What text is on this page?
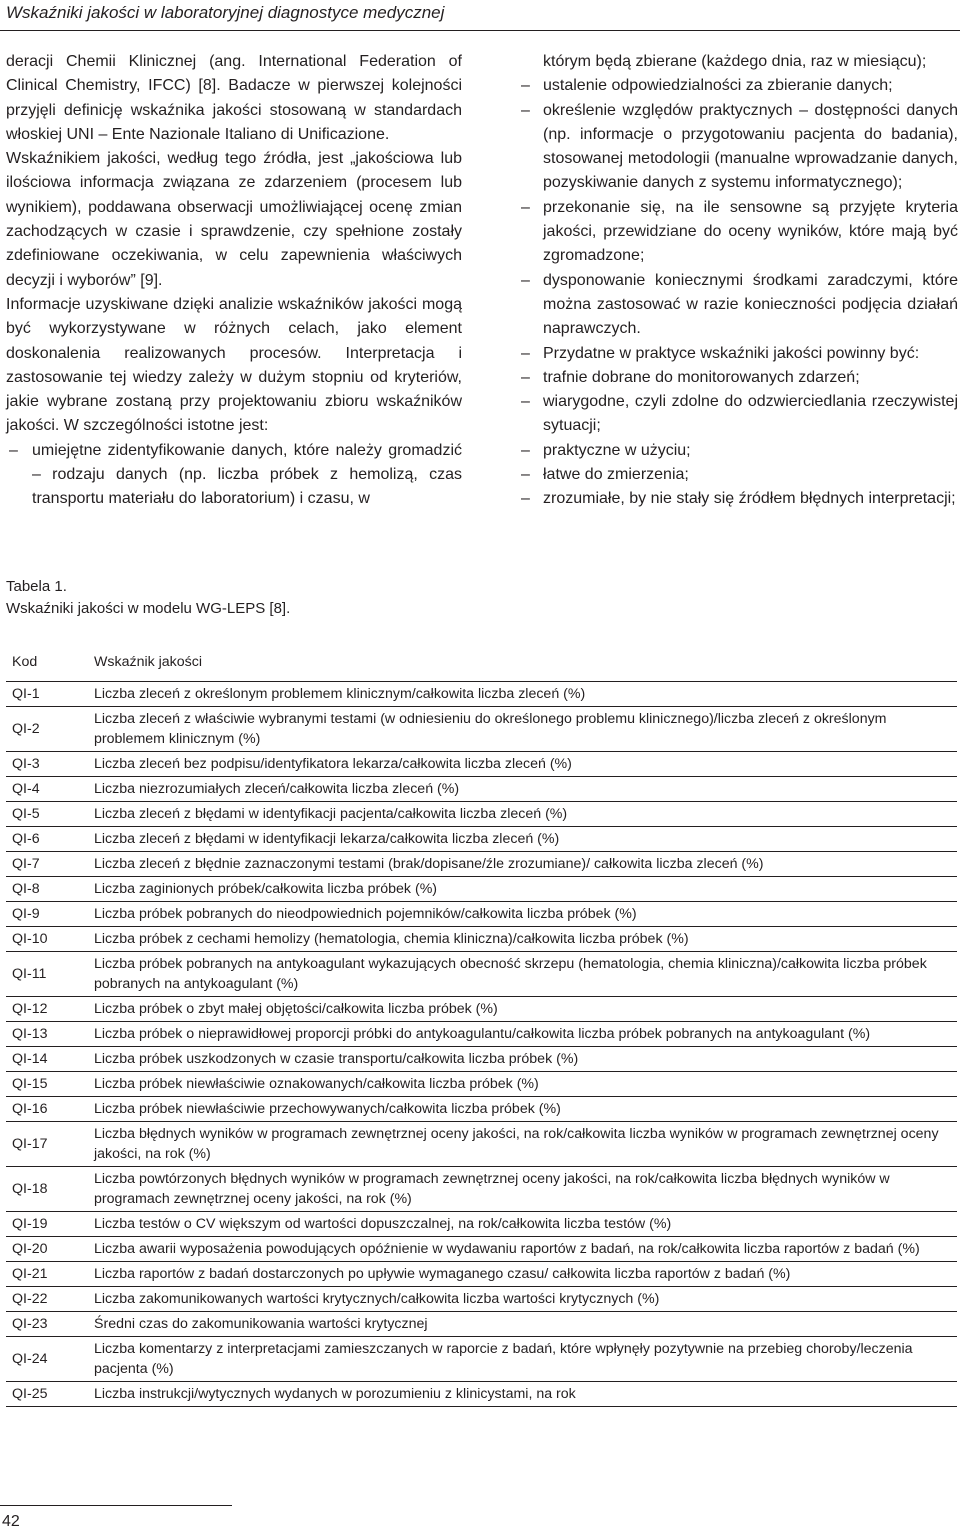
Wskaźniki jakości w laboratoryjnej diagnostyce medycznej

deracji Chemii Klinicznej (ang. International Federation of Clinical Chemistry, IFCC) [8]. Badacze w pierwszej kolejności przyjęli definicję wskaźnika jakości stosowaną w standardach włoskiej UNI – Ente Nazionale Italiano di Unificazione.

Wskaźnikiem jakości, według tego źródła, jest „jakościowa lub ilościowa informacja związana ze zdarzeniem (procesem lub wynikiem), poddawana obserwacji umożliwiającej ocenę zmian zachodzących w czasie i sprawdzenie, czy spełnione zostały zdefiniowane oczekiwania, w celu zapewnienia właściwych decyzji i wyborów” [9].

Informacje uzyskiwane dzięki analizie wskaźników jakości mogą być wykorzystywane w różnych celach, jako element doskonalenia realizowanych procesów. Interpretacja i zastosowanie tej wiedzy zależy w dużym stopniu od kryteriów, jakie wybrane zostaną przy projektowaniu zbioru wskaźników jakości. W szczególności istotne jest:

– umiejętne zidentyfikowanie danych, które należy gromadzić – rodzaju danych (np. liczba próbek z hemolizą, czas transportu materiału do laboratorium) i czasu, w

którym będą zbierane (każdego dnia, raz w miesiącu);

– ustalenie odpowiedzialności za zbieranie danych;
– określenie względów praktycznych – dostępności danych (np. informacje o przygotowaniu pacjenta do badania), stosowanej metodologii (manualne wprowadzanie danych, pozyskiwanie danych z systemu informatycznego);
– przekonanie się, na ile sensowne są przyjęte kryteria jakości, przewidziane do oceny wyników, które mają być zgromadzone;
– dysponowanie koniecznymi środkami zaradczymi, które można zastosować w razie konieczności podjęcia działań naprawczych.
– Przydatne w praktyce wskaźniki jakości powinny być:
– trafnie dobrane do monitorowanych zdarzeń;
– wiarygodne, czyli zdolne do odzwierciedlania rzeczywistej sytuacji;
– praktyczne w użyciu;
– łatwe do zmierzenia;
– zrozumiałe, by nie stały się źródłem błędnych interpretacji;
Tabela 1.
Wskaźniki jakości w modelu WG-LEPS [8].
Kod	Wskaźnik jakości
QI-1	Liczba zleceń z określonym problemem klinicznym/całkowita liczba zleceń (%)
QI-2	Liczba zleceń z właściwie wybranymi testami (w odniesieniu do określonego problemu klinicznego)/liczba zleceń z określonym problemem klinicznym (%)
QI-3	Liczba zleceń bez podpisu/identyfikatora lekarza/całkowita liczba zleceń (%)
QI-4	Liczba niezrozumiałych zleceń/całkowita liczba zleceń (%)
QI-5	Liczba zleceń z błędami w identyfikacji pacjenta/całkowita liczba zleceń (%)
QI-6	Liczba zleceń z błędami w identyfikacji lekarza/całkowita liczba zleceń (%)
QI-7	Liczba zleceń z błędnie zaznaczonymi testami (brak/dopisane/źle zrozumiane)/ całkowita liczba zleceń (%)
QI-8	Liczba zaginionych próbek/całkowita liczba próbek (%)
QI-9	Liczba próbek pobranych do nieodpowiednich pojemników/całkowita liczba próbek (%)
QI-10	Liczba próbek z cechami hemolizy (hematologia, chemia kliniczna)/całkowita liczba próbek (%)
QI-11	Liczba próbek pobranych na antykoagulant wykazujących obecność skrzepu (hematologia, chemia kliniczna)/całkowita liczba próbek pobranych na antykoagulant (%)
QI-12	Liczba próbek o zbyt małej objętości/całkowita liczba próbek (%)
QI-13	Liczba próbek o nieprawidłowej proporcji próbki do antykoagulantu/całkowita liczba próbek pobranych na antykoagulant (%)
QI-14	Liczba próbek uszkodzonych w czasie transportu/całkowita liczba próbek (%)
QI-15	Liczba próbek niewłaściwie oznakowanych/całkowita liczba próbek (%)
QI-16	Liczba próbek niewłaściwie przechowywanych/całkowita liczba próbek (%)
QI-17	Liczba błędnych wyników w programach zewnętrznej oceny jakości, na rok/całkowita liczba wyników w programach zewnętrznej oceny jakości, na rok (%)
QI-18	Liczba powtórzonych błędnych wyników w programach zewnętrznej oceny jakości, na rok/całkowita liczba błędnych wyników w programach zewnętrznej oceny jakości, na rok (%)
QI-19	Liczba testów o CV większym od wartości dopuszczalnej, na rok/całkowita liczba testów (%)
QI-20	Liczba awarii wyposażenia powodujących opóźnienie w wydawaniu raportów z badań, na rok/całkowita liczba raportów z badań (%)
QI-21	Liczba raportów z badań dostarczonych po upływie wymaganego czasu/ całkowita liczba raportów z badań (%)
QI-22	Liczba zakomunikowanych wartości krytycznych/całkowita liczba wartości krytycznych (%)
QI-23	Średni czas do zakomunikowania wartości krytycznej
QI-24	Liczba komentarzy z interpretacjami zamieszczanych w raporcie z badań, które wpłynęły pozytywnie na przebieg choroby/leczenia pacjenta (%)
QI-25	Liczba instrukcji/wytycznych wydanych w porozumieniu z klinicystami, na rok
42
